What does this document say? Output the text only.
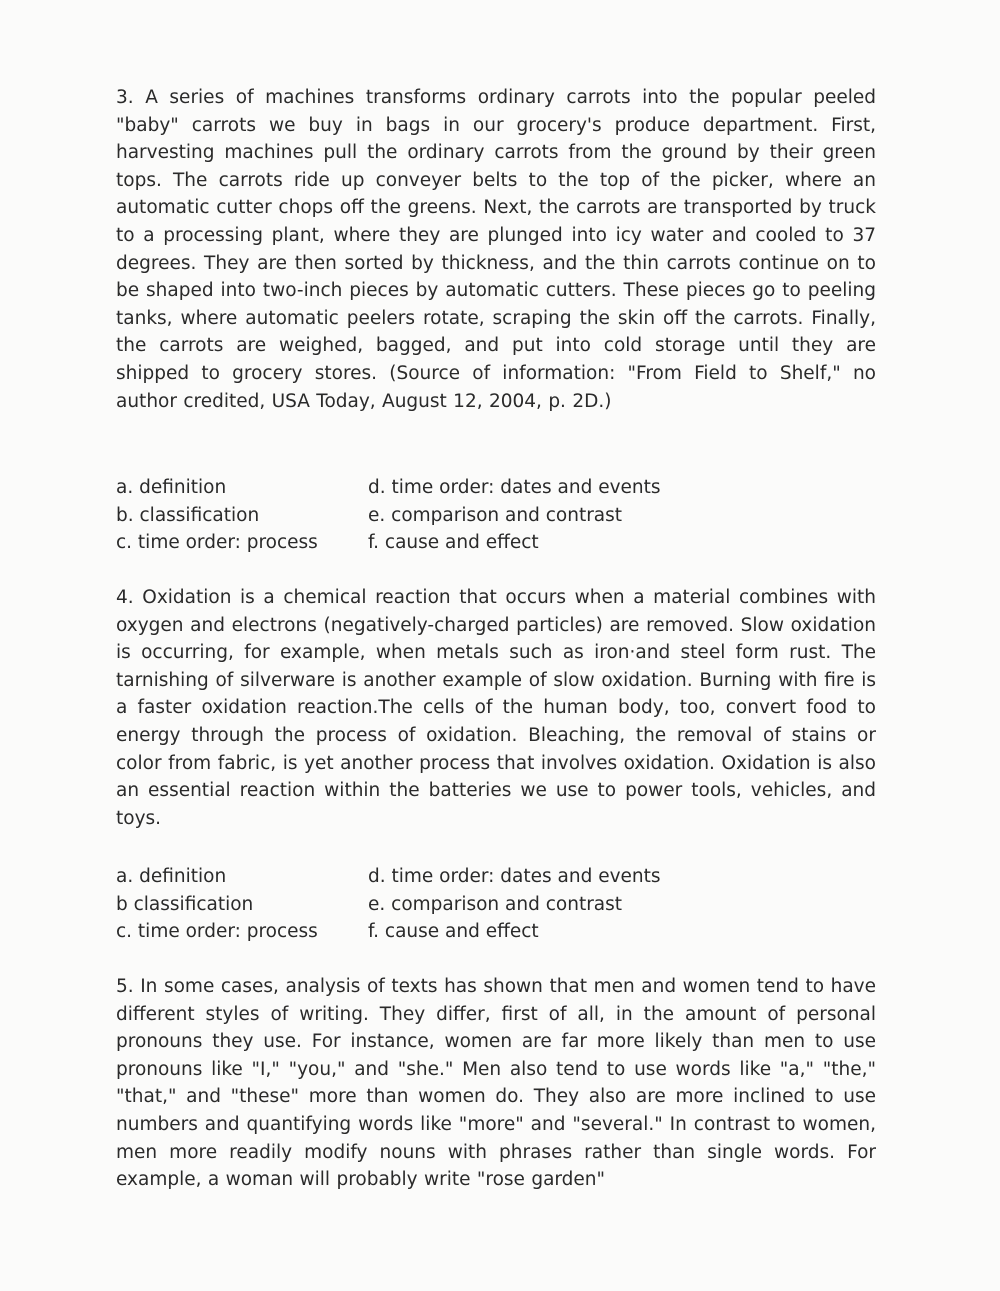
3. A series of machines transforms ordinary carrots into the popular peeled "baby" carrots we buy in bags in our grocery's produce department. First, harvesting machines pull the ordinary carrots from the ground by their green tops. The carrots ride up conveyer belts to the top of the picker, where an automatic cutter chops off the greens. Next, the carrots are transported by truck to a processing plant, where they are plunged into icy water and cooled to 37 degrees. They are then sorted by thickness, and the thin carrots continue on to be shaped into two-inch pieces by automatic cutters. These pieces go to peeling tanks, where automatic peelers rotate, scraping the skin off the carrots. Finally, the carrots are weighed, bagged, and put into cold storage until they are shipped to grocery stores. (Source of information: "From Field to Shelf," no author credited, USA Today, August 12, 2004, p. 2D.)

a. definition	d. time order: dates and events
b. classification	e. comparison and contrast
c. time order: process	f. cause and effect

4. Oxidation is a chemical reaction that occurs when a material combines with oxygen and electrons (negatively-charged particles) are removed. Slow oxidation is occurring, for example, when metals such as iron·and steel form rust. The tarnishing of silverware is another example of slow oxidation. Burning with fire is a faster oxidation reaction.The cells of the human body, too, convert food to energy through the process of oxidation. Bleaching, the removal of stains or color from fabric, is yet another process that involves oxidation. Oxidation is also an essential reaction within the batteries we use to power tools, vehicles, and toys.

a. definition	d. time order: dates and events
b classification	e. comparison and contrast
c. time order: process	f. cause and effect

5. In some cases, analysis of texts has shown that men and women tend to have different styles of writing. They differ, first of all, in the amount of personal pronouns they use. For instance, women are far more likely than men to use pronouns like "I," "you," and "she." Men also tend to use words like "a," "the," "that," and "these" more than women do. They also are more inclined to use numbers and quantifying words like "more" and "several." In contrast to women, men more readily modify nouns with phrases rather than single words. For example, a woman will probably write "rose garden"
